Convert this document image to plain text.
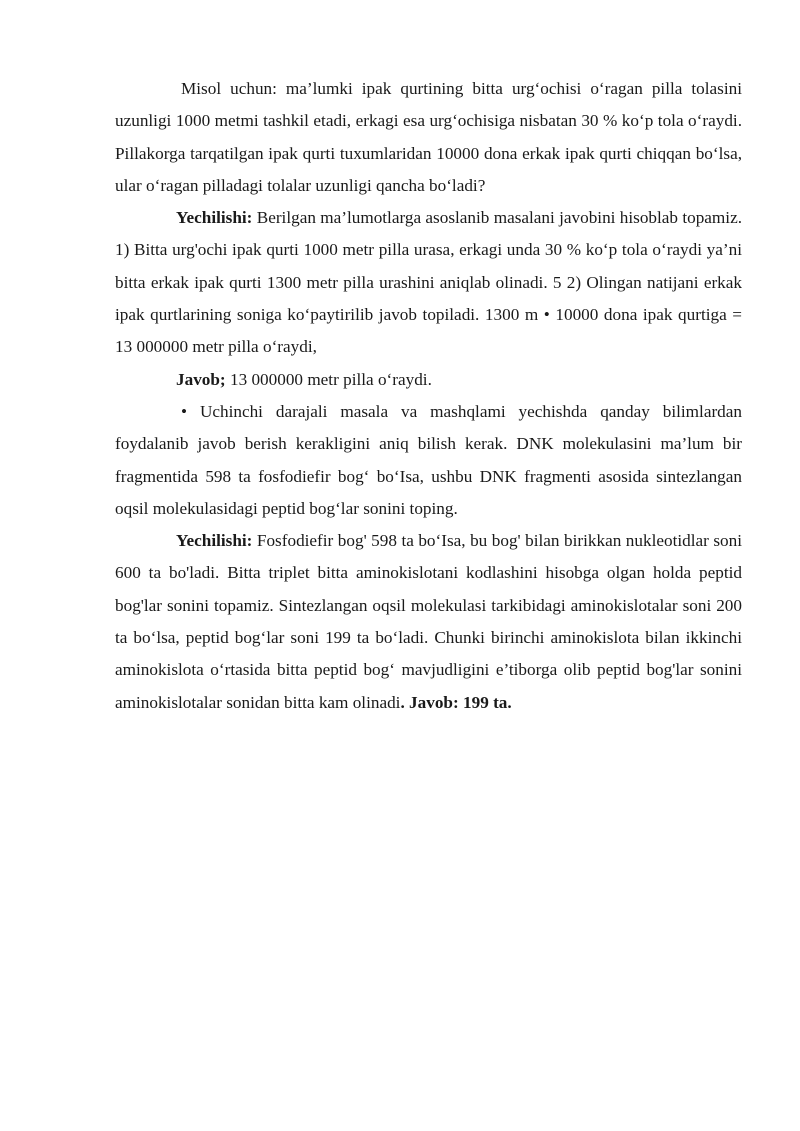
Misol uchun: ma’lumki ipak qurtining bitta urg‘ochisi o‘ragan pilla tolasini uzunligi 1000 metmi tashkil etadi, erkagi esa urg‘ochisiga nisbatan 30 % ko‘p tola o‘raydi. Pillakorga tarqatilgan ipak qurti tuxumlaridan 10000 dona erkak ipak qurti chiqqan bo‘lsa, ular o‘ragan pilladagi tolalar uzunligi qancha bo‘ladi?

Yechilishi: Berilgan ma’lumotlarga asoslanib masalani javobini hisoblab topamiz. 1) Bitta urg'ochi ipak qurti 1000 metr pilla urasa, erkagi unda 30 % ko‘p tola o‘raydi ya’ni bitta erkak ipak qurti 1300 metr pilla urashini aniqlab olinadi. 5 2) Olingan natijani erkak ipak qurtlarining soniga ko‘paytirilib javob topiladi. 1300 m • 10000 dona ipak qurtiga = 13 000000 metr pilla o‘raydi,

Javob; 13 000000 metr pilla o‘raydi.

• Uchinchi darajali masala va mashqlami yechishda qanday bilimlardan foydalanib javob berish kerakligini aniq bilish kerak. DNK molekulasini ma’lum bir fragmentida 598 ta fosfodiefir bog‘ bo‘Isa, ushbu DNK fragmenti asosida sintezlangan oqsil molekulasidagi peptid bog‘lar sonini toping.

Yechilishi: Fosfodiefir bog' 598 ta bo‘Isa, bu bog' bilan birikkan nukleotidlar soni 600 ta bo'ladi. Bitta triplet bitta aminokislotani kodlashini hisobga olgan holda peptid bog'lar sonini topamiz. Sintezlangan oqsil molekulasi tarkibidagi aminokislotalar soni 200 ta bo‘lsa, peptid bog‘lar soni 199 ta bo‘ladi. Chunki birinchi aminokislota bilan ikkinchi aminokislota o‘rtasida bitta peptid bog‘ mavjudligini e’tiborga olib peptid bog'lar sonini aminokislotalar sonidan bitta kam olinadi. Javob: 199 ta.
